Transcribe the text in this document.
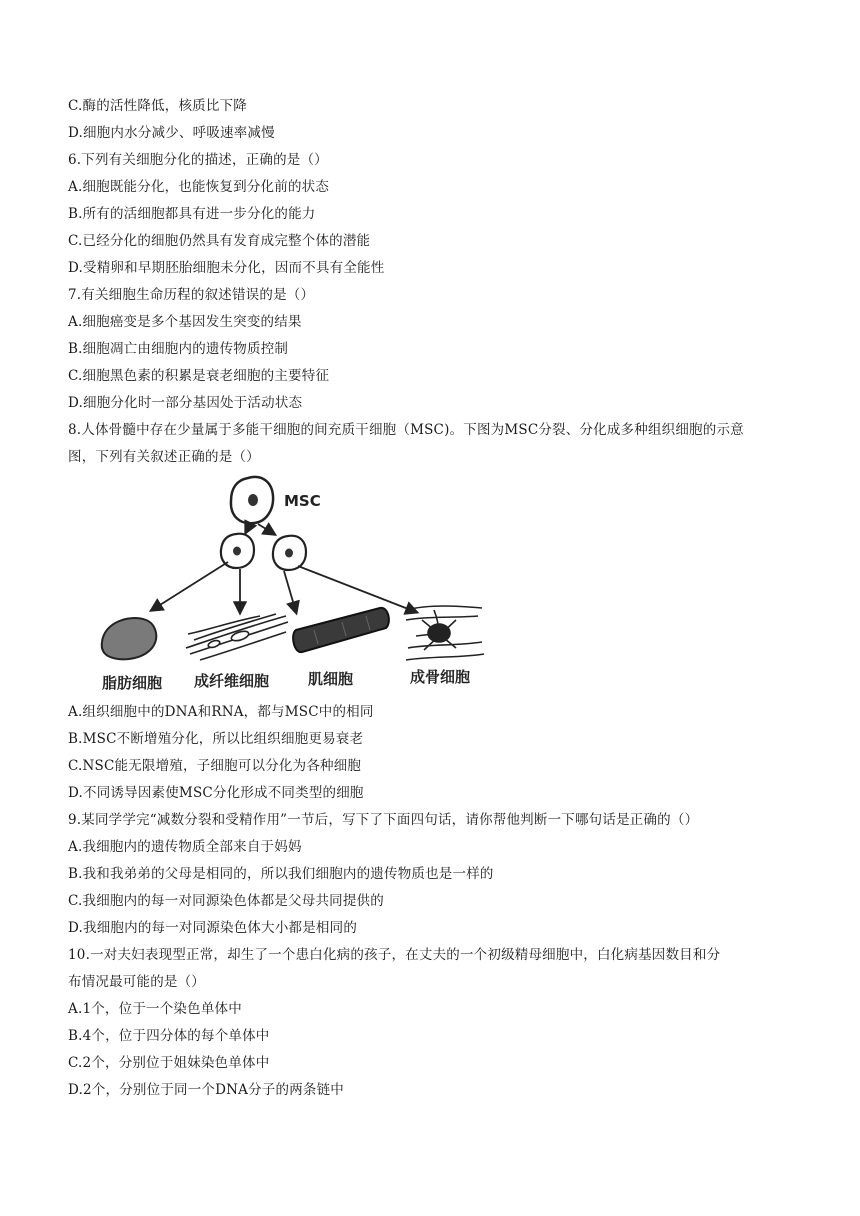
C.酶的活性降低，核质比下降
D.细胞内水分减少、呼吸速率减慢
6.下列有关细胞分化的描述，正确的是（）
A.细胞既能分化，也能恢复到分化前的状态
B.所有的活细胞都具有进一步分化的能力
C.已经分化的细胞仍然具有发育成完整个体的潜能
D.受精卵和早期胚胎细胞未分化，因而不具有全能性
7.有关细胞生命历程的叙述错误的是（）
A.细胞癌变是多个基因发生突变的结果
B.细胞凋亡由细胞内的遗传物质控制
C.细胞黑色素的积累是衰老细胞的主要特征
D.细胞分化时一部分基因处于活动状态
8.人体骨髓中存在少量属于多能干细胞的间充质干细胞（MSC)。下图为MSC分裂、分化成多种组织细胞的示意
图，下列有关叙述正确的是（）
MSC
脂肪细胞 成纤维细胞	肌细胞	成骨细胞
A.组织细胞中的DNA和RNA，都与MSC中的相同
B.MSC不断增殖分化，所以比组织细胞更易衰老
C.NSC能无限增殖，子细胞可以分化为各种细胞
D.不同诱导因素使MSC分化形成不同类型的细胞
9.某同学学完“减数分裂和受精作用”一节后，写下了下面四句话，请你帮他判断一下哪句话是正确的（）
A.我细胞内的遗传物质全部来自于妈妈
B.我和我弟弟的父母是相同的，所以我们细胞内的遗传物质也是一样的
C.我细胞内的每一对同源染色体都是父母共同提供的
D.我细胞内的每一对同源染色体大小都是相同的
10.一对夫妇表现型正常，却生了一个患白化病的孩子，在丈夫的一个初级精母细胞中，白化病基因数目和分
布情况最可能的是（）
A.1个，位于一个染色单体中
B.4个，位于四分体的每个单体中
C.2个，分别位于姐妹染色单体中
D.2个，分别位于同一个DNA分子的两条链中
